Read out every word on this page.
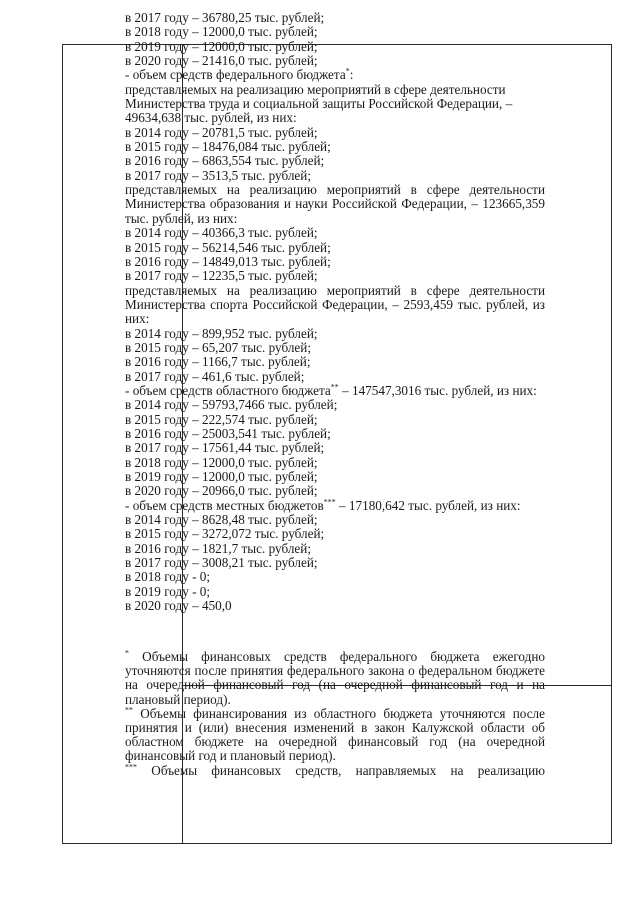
в 2017 году – 36780,25 тыс. рублей;
в 2018 году – 12000,0 тыс. рублей;
в 2019 году – 12000,0 тыс. рублей;
в 2020 году – 21416,0 тыс. рублей;
- объем средств федерального бюджета*:
представляемых на реализацию мероприятий в сфере деятельности
Министерства труда и социальной защиты Российской Федерации, –
49634,638 тыс. рублей, из них:
в 2014 году – 20781,5 тыс. рублей;
в 2015 году – 18476,084 тыс. рублей;
в 2016 году – 6863,554 тыс. рублей;
в 2017 году – 3513,5 тыс. рублей;
представляемых на реализацию мероприятий в сфере деятельности
Министерства образования и науки Российской Федерации, – 123665,359
тыс. рублей, из них:
в 2014 году – 40366,3 тыс. рублей;
в 2015 году – 56214,546 тыс. рублей;
в 2016 году – 14849,013 тыс. рублей;
в 2017 году – 12235,5 тыс. рублей;
представляемых на реализацию мероприятий в сфере деятельности
Министерства спорта Российской Федерации, – 2593,459 тыс. рублей, из
них:
в 2014 году – 899,952 тыс. рублей;
в 2015 году – 65,207 тыс. рублей;
в 2016 году – 1166,7 тыс. рублей;
в 2017 году – 461,6 тыс. рублей;
- объем средств областного бюджета** – 147547,3016 тыс. рублей, из них:
в 2014 году – 59793,7466 тыс. рублей;
в 2015 году – 222,574 тыс. рублей;
в 2016 году – 25003,541 тыс. рублей;
в 2017 году – 17561,44 тыс. рублей;
в 2018 году – 12000,0 тыс. рублей;
в 2019 году – 12000,0 тыс. рублей;
в 2020 году – 20966,0 тыс. рублей;
- объем средств местных бюджетов*** – 17180,642 тыс. рублей, из них:
в 2014 году – 8628,48 тыс. рублей;
в 2015 году – 3272,072 тыс. рублей;
в 2016 году – 1821,7 тыс. рублей;
в 2017 году – 3008,21 тыс. рублей;
в 2018 году - 0;
в 2019 году - 0;
в 2020 году – 450,0
* Объемы финансовых средств федерального бюджета ежегодно уточняются после принятия федерального закона о федеральном бюджете на очередной финансовый год (на очередной финансовый год и на плановый период).
** Объемы финансирования из областного бюджета уточняются после принятия и (или) внесения изменений в закон Калужской области об областном бюджете на очередной финансовый год (на очередной финансовый год и плановый период).
*** Объемы финансовых средств, направляемых на реализацию
